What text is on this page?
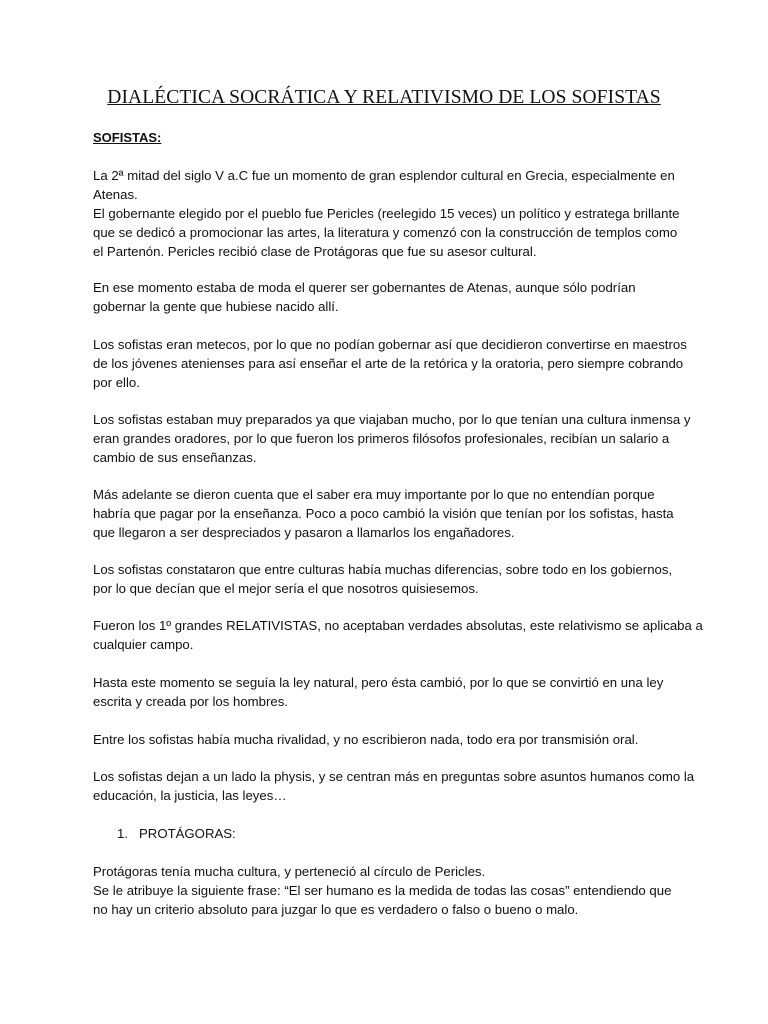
DIALÉCTICA SOCRÁTICA Y RELATIVISMO DE LOS SOFISTAS
SOFISTAS:

La 2ª mitad del siglo V a.C fue un momento de gran esplendor cultural en Grecia, especialmente en
Atenas.
El gobernante elegido por el pueblo fue Pericles (reelegido 15 veces) un político y estratega brillante
que se dedicó a promocionar las artes, la literatura y comenzó con la construcción de templos como
el Partenón. Pericles recibió clase de Protágoras que fue su asesor cultural.

En ese momento estaba de moda el querer ser gobernantes de Atenas, aunque sólo podrían
gobernar la gente que hubiese nacido allí.

Los sofistas eran metecos, por lo que no podían gobernar así que decidieron convertirse en maestros
de los jóvenes atenienses para así enseñar el arte de la retórica y la oratoria, pero siempre cobrando
por ello.

Los sofistas estaban muy preparados ya que viajaban mucho, por lo que tenían una cultura inmensa y
eran grandes oradores, por lo que fueron los primeros filósofos profesionales, recibían un salario a
cambio de sus enseñanzas.

Más adelante se dieron cuenta que el saber era muy importante por lo que no entendían porque
habría que pagar por la enseñanza. Poco a poco cambió la visión que tenían por los sofistas, hasta
que llegaron a ser despreciados y pasaron a llamarlos los engañadores.

Los sofistas constataron que entre culturas había muchas diferencias, sobre todo en los gobiernos,
por lo que decían que el mejor sería el que nosotros quisiesemos.

Fueron los 1º grandes RELATIVISTAS, no aceptaban verdades absolutas, este relativismo se aplicaba a
cualquier campo.

Hasta este momento se seguía la ley natural, pero ésta cambió, por lo que se convirtió en una ley
escrita y creada por los hombres.

Entre los sofistas había mucha rivalidad, y no escribieron nada, todo era por transmisión oral.

Los sofistas dejan a un lado la physis, y se centran más en preguntas sobre asuntos humanos como la
educación, la justicia, las leyes…

1. PROTÁGORAS:

Protágoras tenía mucha cultura, y perteneció al círculo de Pericles.
Se le atribuye la siguiente frase: “El ser humano es la medida de todas las cosas” entendiendo que
no hay un criterio absoluto para juzgar lo que es verdadero o falso o bueno o malo.
